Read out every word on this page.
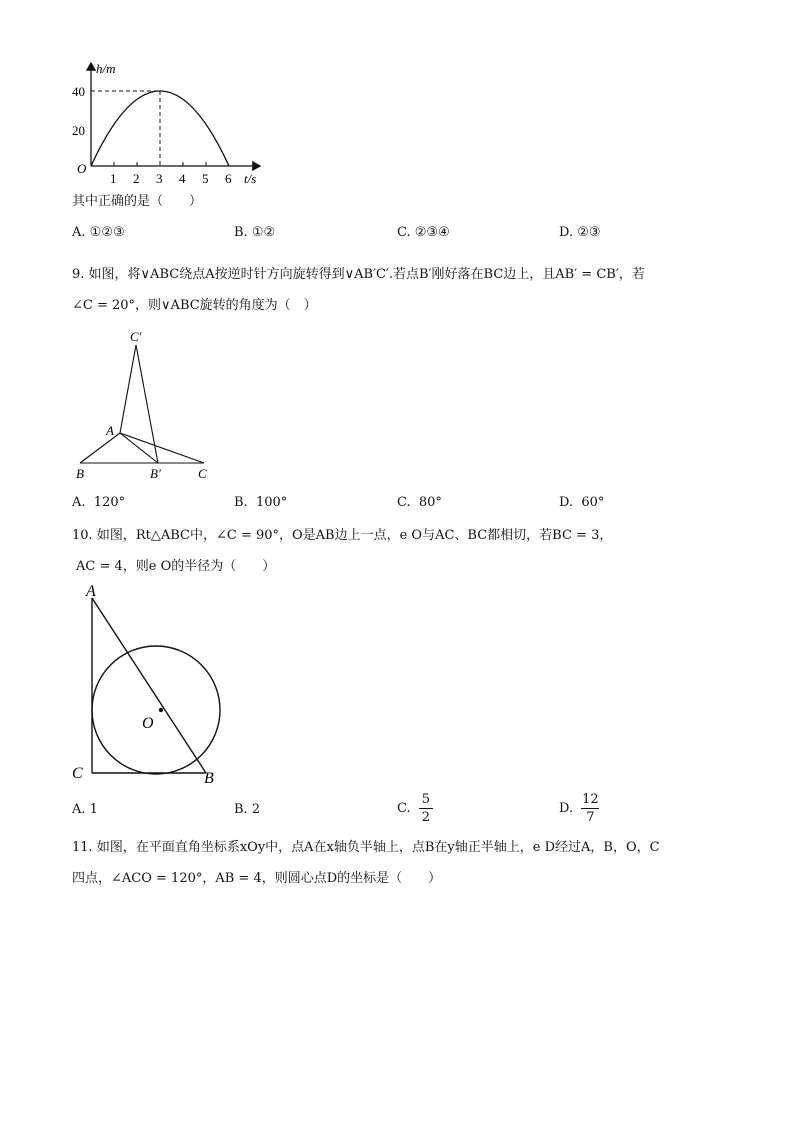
h/m
t/s
O
40
20
1 2 3 4 5 6
其中正确的是（　　）
A. ①②③	B. ①②	C. ②③④	D. ②③
9. 如图，将∨ABC绕点A按逆时针方向旋转得到∨AB′C′.若点B′刚好落在BC边上，且AB′ = CB′，若
∠C = 20°，则∨ABC旋转的角度为（　）
C′
A
B	B′	C
A. 120°	B. 100°	C. 80°	D. 60°
10. 如图，Rt△ABC中，∠C = 90°，O是AB边上一点，e O与AC、BC都相切，若BC = 3，
AC = 4，则e O的半径为（　　）
A
O
C	B
A. 1	B. 2	C. $\frac{5}{2}$	D. $\frac{12}{7}$
11. 如图，在平面直角坐标系xOy中，点A在x轴负半轴上，点B在y轴正半轴上，e D经过A，B，O，C
四点，∠ACO = 120°，AB = 4，则圆心点D的坐标是（　　）
